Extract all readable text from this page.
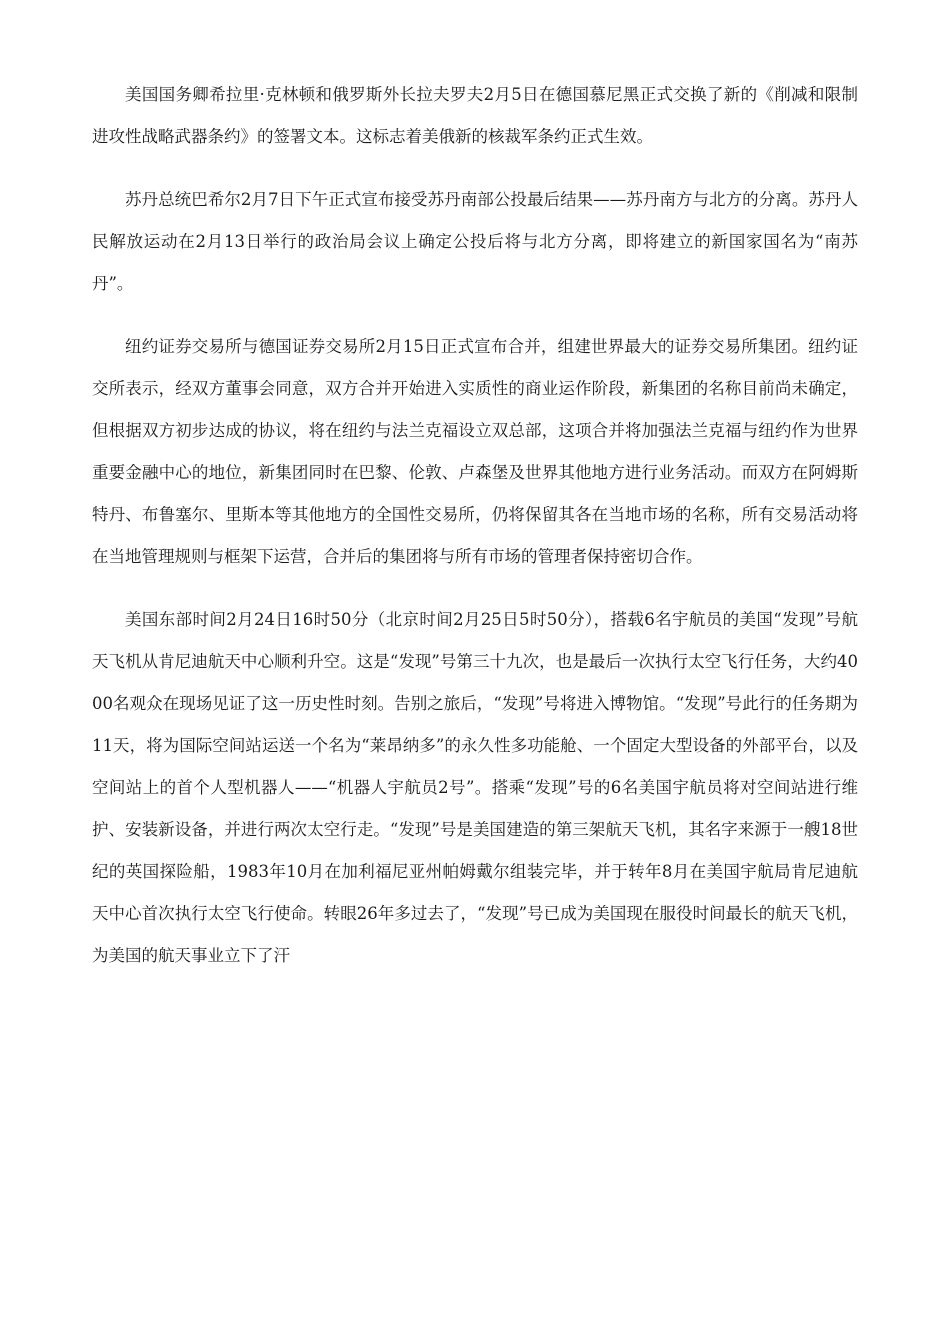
美国国务卿希拉里·克林顿和俄罗斯外长拉夫罗夫2月5日在德国慕尼黑正式交换了新的《削减和限制进攻性战略武器条约》的签署文本。这标志着美俄新的核裁军条约正式生效。

苏丹总统巴希尔2月7日下午正式宣布接受苏丹南部公投最后结果——苏丹南方与北方的分离。苏丹人民解放运动在2月13日举行的政治局会议上确定公投后将与北方分离，即将建立的新国家国名为“南苏丹”。

纽约证券交易所与德国证券交易所2月15日正式宣布合并，组建世界最大的证券交易所集团。纽约证交所表示，经双方董事会同意，双方合并开始进入实质性的商业运作阶段，新集团的名称目前尚未确定，但根据双方初步达成的协议，将在纽约与法兰克福设立双总部，这项合并将加强法兰克福与纽约作为世界重要金融中心的地位，新集团同时在巴黎、伦敦、卢森堡及世界其他地方进行业务活动。而双方在阿姆斯特丹、布鲁塞尔、里斯本等其他地方的全国性交易所，仍将保留其各在当地市场的名称，所有交易活动将在当地管理规则与框架下运营，合并后的集团将与所有市场的管理者保持密切合作。

美国东部时间2月24日16时50分（北京时间2月25日5时50分），搭载6名宇航员的美国“发现”号航天飞机从肯尼迪航天中心顺利升空。这是“发现”号第三十九次，也是最后一次执行太空飞行任务，大约4000名观众在现场见证了这一历史性时刻。告别之旅后，“发现”号将进入博物馆。“发现”号此行的任务期为11天，将为国际空间站运送一个名为“莱昂纳多”的永久性多功能舱、一个固定大型设备的外部平台，以及空间站上的首个人型机器人——“机器人宇航员2号”。搭乘“发现”号的6名美国宇航员将对空间站进行维护、安装新设备，并进行两次太空行走。“发现”号是美国建造的第三架航天飞机，其名字来源于一艘18世纪的英国探险船，1983年10月在加利福尼亚州帕姆戴尔组装完毕，并于转年8月在美国宇航局肯尼迪航天中心首次执行太空飞行使命。转眼26年多过去了，“发现”号已成为美国现在服役时间最长的航天飞机，为美国的航天事业立下了汗
